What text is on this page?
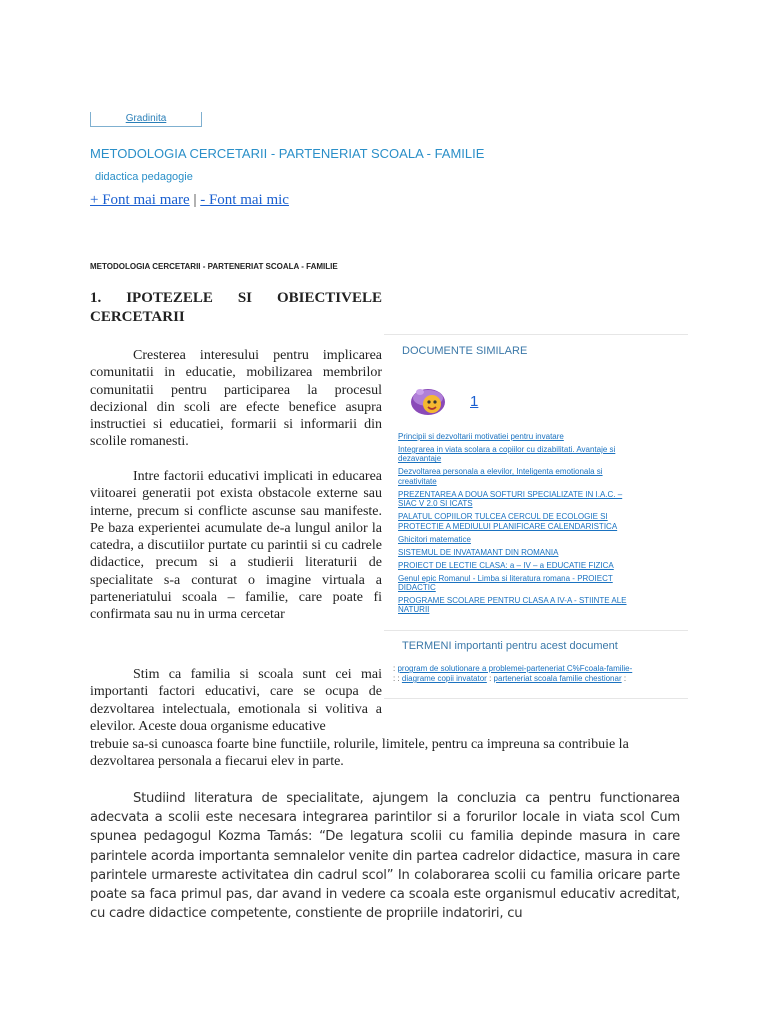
Gradinita
METODOLOGIA CERCETARII - PARTENERIAT SCOALA - FAMILIE
didactica pedagogie
+ Font mai mare | - Font mai mic
METODOLOGIA CERCETARII - PARTENERIAT SCOALA - FAMILIE
1. IPOTEZELE SI OBIECTIVELE
CERCETARII

Cresterea interesului pentru implicarea comunitatii in educatie, mobilizarea membrilor comunitatii pentru participarea la procesul decizional din scoli are efecte benefice asupra instructiei si educatiei, formarii si informarii din scolile romanesti.

Intre factorii educativi implicati in educarea viitoarei generatii pot exista obstacole externe sau interne, precum si conflicte ascunse sau manifeste. Pe baza experientei acumulate de-a lungul anilor la catedra, a discutiilor purtate cu parintii si cu cadrele didactice, precum si a studierii literaturii de specialitate s-a conturat o imagine virtuala a parteneriatului scoala – familie, care poate fi confirmata sau nu in urma cercetar

Stim ca familia si scoala sunt cei mai importanti factori educativi, care se ocupa de dezvoltarea intelectuala, emotionala si volitiva a elevilor. Aceste doua organisme educative

trebuie sa-si cunoasca foarte bine functiile, rolurile, limitele, pentru ca impreuna sa contribuie la dezvoltarea personala a fiecarui elev in parte.

Studiind literatura de specialitate, ajungem la concluzia ca pentru functionarea adecvata a scolii este necesara integrarea parintilor si a forurilor locale in viata scol Cum spunea pedagogul Kozma Tamás: “De legatura scolii cu familia depinde masura in care parintele acorda importanta semnalelor venite din partea cadrelor didactice, masura in care parintele urmareste activitatea din cadrul scol” In colaborarea scolii cu familia oricare parte poate sa faca primul pas, dar avand in vedere ca scoala este organismul educativ acreditat, cu cadre didactice competente, constiente de propriile indatoriri, cu

DOCUMENTE SIMILARE
1
Principii si dezvoltarii motivatiei pentru invatare
Integrarea in viata scolara a copiilor cu dizabilitati. Avantaje si dezavantaje
Dezvoltarea personala a elevilor, Inteligenta emotionala si creativitate
PREZENTAREA A DOUA SOFTURI SPECIALIZATE IN I.A.C. – SIAC V 2.0 SI ICATS
PALATUL COPIILOR TULCEA CERCUL DE ECOLOGIE SI PROTECTIE A MEDIULUI PLANIFICARE CALENDARISTICA
Ghicitori matematice
SISTEMUL DE INVATAMANT DIN ROMANIA
PROIECT DE LECTIE CLASA: a – IV – a EDUCATIE FIZICA
Genul epic Romanul - Limba si literatura romana - PROIECT DIDACTIC
PROGRAME SCOLARE PENTRU CLASA A IV-A - STIINTE ALE NATURII
TERMENI importanti pentru acest document
: program de solutionare a problemei-parteneriat C%Fcoala-familie-
: : diagrame copii invatator : parteneriat scoala familie chestionar :
